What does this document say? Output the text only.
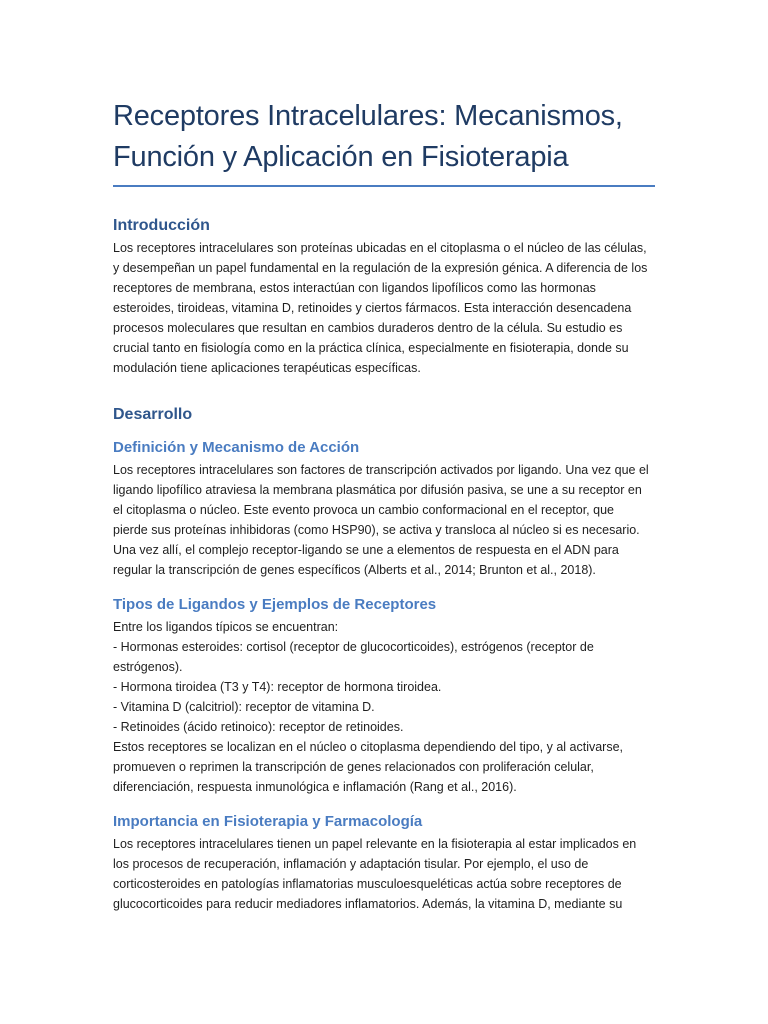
Receptores Intracelulares: Mecanismos,
Función y Aplicación en Fisioterapia
Introducción

Los receptores intracelulares son proteínas ubicadas en el citoplasma o el núcleo de las células,
y desempeñan un papel fundamental en la regulación de la expresión génica. A diferencia de los
receptores de membrana, estos interactúan con ligandos lipofílicos como las hormonas
esteroides, tiroideas, vitamina D, retinoides y ciertos fármacos. Esta interacción desencadena
procesos moleculares que resultan en cambios duraderos dentro de la célula. Su estudio es
crucial tanto en fisiología como en la práctica clínica, especialmente en fisioterapia, donde su
modulación tiene aplicaciones terapéuticas específicas.

Desarrollo
Definición y Mecanismo de Acción

Los receptores intracelulares son factores de transcripción activados por ligando. Una vez que el
ligando lipofílico atraviesa la membrana plasmática por difusión pasiva, se une a su receptor en
el citoplasma o núcleo. Este evento provoca un cambio conformacional en el receptor, que
pierde sus proteínas inhibidoras (como HSP90), se activa y transloca al núcleo si es necesario.
Una vez allí, el complejo receptor-ligando se une a elementos de respuesta en el ADN para
regular la transcripción de genes específicos (Alberts et al., 2014; Brunton et al., 2018).

Tipos de Ligandos y Ejemplos de Receptores

Entre los ligandos típicos se encuentran:
- Hormonas esteroides: cortisol (receptor de glucocorticoides), estrógenos (receptor de
estrógenos).
- Hormona tiroidea (T3 y T4): receptor de hormona tiroidea.
- Vitamina D (calcitriol): receptor de vitamina D.
- Retinoides (ácido retinoico): receptor de retinoides.
Estos receptores se localizan en el núcleo o citoplasma dependiendo del tipo, y al activarse,
promueven o reprimen la transcripción de genes relacionados con proliferación celular,
diferenciación, respuesta inmunológica e inflamación (Rang et al., 2016).

Importancia en Fisioterapia y Farmacología

Los receptores intracelulares tienen un papel relevante en la fisioterapia al estar implicados en
los procesos de recuperación, inflamación y adaptación tisular. Por ejemplo, el uso de
corticosteroides en patologías inflamatorias musculoesqueléticas actúa sobre receptores de
glucocorticoides para reducir mediadores inflamatorios. Además, la vitamina D, mediante su
